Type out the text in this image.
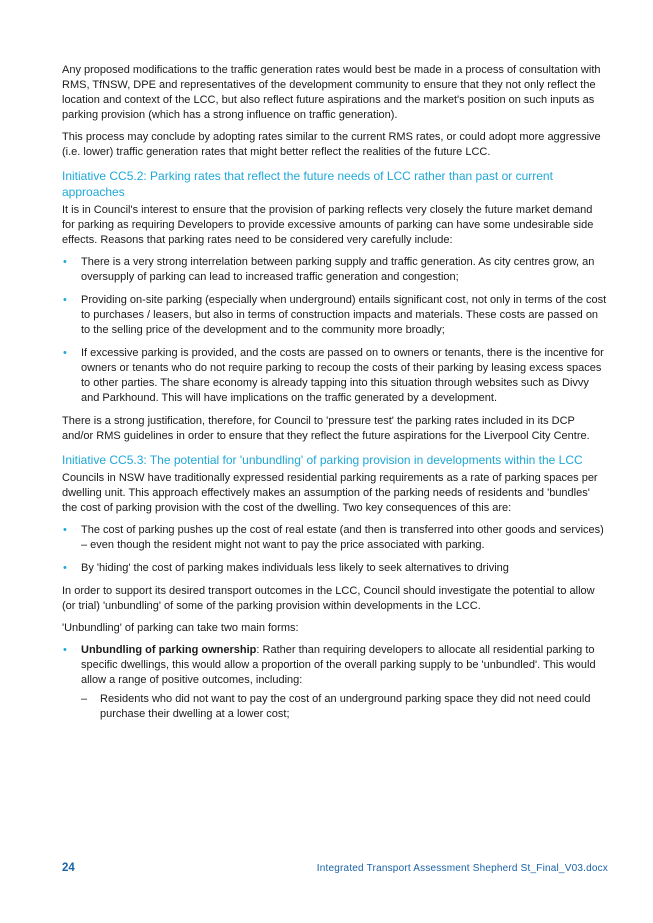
Any proposed modifications to the traffic generation rates would best be made in a process of consultation with RMS, TfNSW, DPE and representatives of the development community to ensure that they not only reflect the location and context of the LCC, but also reflect future aspirations and the market's position on such inputs as parking provision (which has a strong influence on traffic generation).

This process may conclude by adopting rates similar to the current RMS rates, or could adopt more aggressive (i.e. lower) traffic generation rates that might better reflect the realities of the future LCC.

Initiative CC5.2: Parking rates that reflect the future needs of LCC rather than past or current approaches

It is in Council's interest to ensure that the provision of parking reflects very closely the future market demand for parking as requiring Developers to provide excessive amounts of parking can have some undesirable side effects. Reasons that parking rates need to be considered very carefully include:

• There is a very strong interrelation between parking supply and traffic generation. As city centres grow, an oversupply of parking can lead to increased traffic generation and congestion;
• Providing on-site parking (especially when underground) entails significant cost, not only in terms of the cost to purchases / leasers, but also in terms of construction impacts and materials. These costs are passed on to the selling price of the development and to the community more broadly;
• If excessive parking is provided, and the costs are passed on to owners or tenants, there is the incentive for owners or tenants who do not require parking to recoup the costs of their parking by leasing excess spaces to other parties. The share economy is already tapping into this situation through websites such as Divvy and Parkhound. This will have implications on the traffic generated by a development.

There is a strong justification, therefore, for Council to 'pressure test' the parking rates included in its DCP and/or RMS guidelines in order to ensure that they reflect the future aspirations for the Liverpool City Centre.

Initiative CC5.3: The potential for 'unbundling' of parking provision in developments within the LCC

Councils in NSW have traditionally expressed residential parking requirements as a rate of parking spaces per dwelling unit. This approach effectively makes an assumption of the parking needs of residents and 'bundles' the cost of parking provision with the cost of the dwelling. Two key consequences of this are:

• The cost of parking pushes up the cost of real estate (and then is transferred into other goods and services) – even though the resident might not want to pay the price associated with parking.
• By 'hiding' the cost of parking makes individuals less likely to seek alternatives to driving

In order to support its desired transport outcomes in the LCC, Council should investigate the potential to allow (or trial) 'unbundling' of some of the parking provision within developments in the LCC.

'Unbundling' of parking can take two main forms:

• Unbundling of parking ownership: Rather than requiring developers to allocate all residential parking to specific dwellings, this would allow a proportion of the overall parking supply to be 'unbundled'. This would allow a range of positive outcomes, including:
– Residents who did not want to pay the cost of an underground parking space they did not need could purchase their dwelling at a lower cost;
24	Integrated Transport Assessment Shepherd St_Final_V03.docx
